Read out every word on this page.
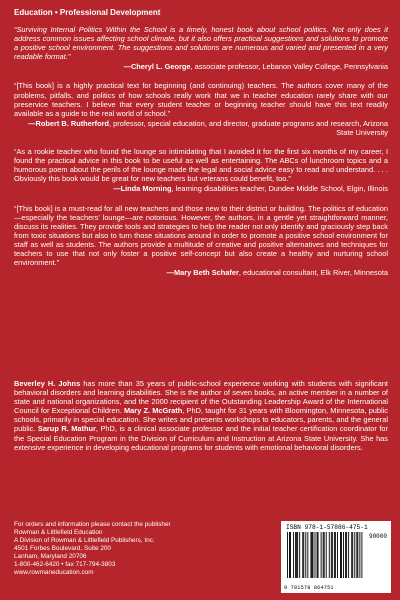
Education • Professional Development

“Surviving Internal Politics Within the School is a timely, honest book about school politics. Not only does it address common issues affecting school climate, but it also offers practical suggestions and solutions to promote a positive school environment. The suggestions and solutions are numerous and varied and presented in a very readable format.”
—Cheryl L. George, associate professor, Lebanon Valley College, Pennsylvania

“[This book] is a highly practical text for beginning (and continuing) teachers. The authors cover many of the problems, pitfalls, and politics of how schools really work that we in teacher education rarely share with our preservice teachers. I believe that every student teacher or beginning teacher should have this text readily available as a guide to the real world of school.”
—Robert B. Rutherford, professor, special education, and director, graduate programs and research, Arizona State University

“As a rookie teacher who found the lounge so intimidating that I avoided it for the first six months of my career, I found the practical advice in this book to be useful as well as entertaining. The ABCs of lunchroom topics and a humorous poem about the perils of the lounge made the legal and social advice easy to read and understand. . . . Obviously this book would be great for new teachers but veterans could benefit, too.”
—Linda Morning, learning disabilities teacher, Dundee Middle School, Elgin, Illinois

“[This book] is a must-read for all new teachers and those new to their district or building. The politics of education—especially the teachers' lounge—are notorious. However, the authors, in a gentle yet straightforward manner, discuss its realities. They provide tools and strategies to help the reader not only identify and graciously step back from toxic situations but also to turn those situations around in order to promote a positive school environment for staff as well as students. The authors provide a multitude of creative and positive alternatives and techniques for teachers to use that not only foster a positive self-concept but also create a healthy and nurturing school environment.”
—Mary Beth Schafer, educational consultant, Elk River, Minnesota

Beverley H. Johns has more than 35 years of public-school experience working with students with significant behavioral disorders and learning disabilities. She is the author of seven books, an active member in a number of state and national organizations, and the 2000 recipient of the Outstanding Leadership Award of the International Council for Exceptional Children. Mary Z. McGrath, PhD, taught for 31 years with Bloomington, Minnesota, public schools, primarily in special education. She writes and presents workshops to educators, parents, and the general public. Sarup R. Mathur, PhD, is a clinical associate professor and the initial teacher certification coordinator for the Special Education Program in the Division of Curriculum and Instruction at Arizona State University. She has extensive experience in developing educational programs for students with emotional behavioral disorders.
For orders and information please contact the publisher
Rowman & Littlefield Education
A Division of Rowman & Littlefield Publishers, Inc.
4501 Forbes Boulevard, Suite 200
Lanham, Maryland 20706
1-800-462-6420 • fax 717-794-3803
www.rowmaneducation.com
ISBN 978-1-57886-475-1
90000
9 781578 864751
